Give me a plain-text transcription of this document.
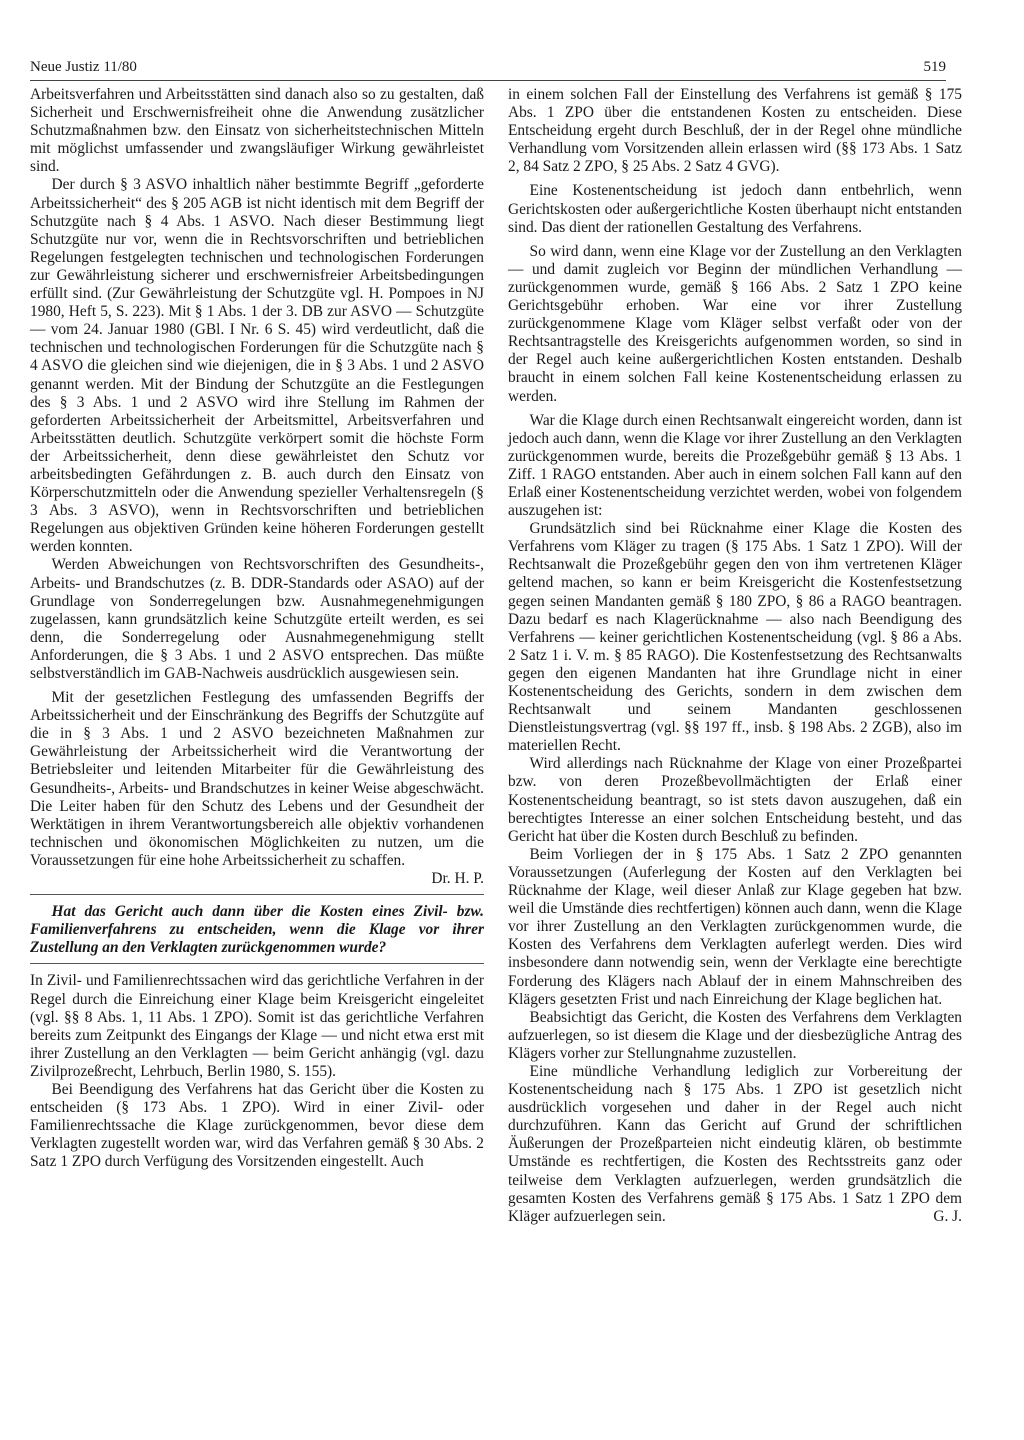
Neue Justiz 11/80	519

Arbeitsverfahren und Arbeitsstätten sind danach also so zu gestalten, daß Sicherheit und Erschwernisfreiheit ohne die Anwendung zusätzlicher Schutzmaßnahmen bzw. den Einsatz von sicherheitstechnischen Mitteln mit möglichst umfassender und zwangsläufiger Wirkung gewährleistet sind.

Der durch § 3 ASVO inhaltlich näher bestimmte Begriff „geforderte Arbeitssicherheit“ des § 205 AGB ist nicht identisch mit dem Begriff der Schutzgüte nach § 4 Abs. 1 ASVO. Nach dieser Bestimmung liegt Schutzgüte nur vor, wenn die in Rechtsvorschriften und betrieblichen Regelungen festgelegten technischen und technologischen Forderungen zur Gewährleistung sicherer und erschwernisfreier Arbeitsbedingungen erfüllt sind. (Zur Gewährleistung der Schutzgüte vgl. H. Pompoes in NJ 1980, Heft 5, S. 223). Mit § 1 Abs. 1 der 3. DB zur ASVO — Schutzgüte — vom 24. Januar 1980 (GBl. I Nr. 6 S. 45) wird verdeutlicht, daß die technischen und technologischen Forderungen für die Schutzgüte nach § 4 ASVO die gleichen sind wie diejenigen, die in § 3 Abs. 1 und 2 ASVO genannt werden. Mit der Bindung der Schutzgüte an die Festlegungen des § 3 Abs. 1 und 2 ASVO wird ihre Stellung im Rahmen der geforderten Arbeitssicherheit der Arbeitsmittel, Arbeitsverfahren und Arbeitsstätten deutlich. Schutzgüte verkörpert somit die höchste Form der Arbeitssicherheit, denn diese gewährleistet den Schutz vor arbeitsbedingten Gefährdungen z. B. auch durch den Einsatz von Körperschutzmitteln oder die Anwendung spezieller Verhaltensregeln (§ 3 Abs. 3 ASVO), wenn in Rechtsvorschriften und betrieblichen Regelungen aus objektiven Gründen keine höheren Forderungen gestellt werden konnten.

Werden Abweichungen von Rechtsvorschriften des Gesundheits-, Arbeits- und Brandschutzes (z. B. DDR-Standards oder ASAO) auf der Grundlage von Sonderregelungen bzw. Ausnahmegenehmigungen zugelassen, kann grundsätzlich keine Schutzgüte erteilt werden, es sei denn, die Sonderregelung oder Ausnahmegenehmigung stellt Anforderungen, die § 3 Abs. 1 und 2 ASVO entsprechen. Das müßte selbstverständlich im GAB-Nachweis ausdrücklich ausgewiesen sein.

Mit der gesetzlichen Festlegung des umfassenden Begriffs der Arbeitssicherheit und der Einschränkung des Begriffs der Schutzgüte auf die in § 3 Abs. 1 und 2 ASVO bezeichneten Maßnahmen zur Gewährleistung der Arbeitssicherheit wird die Verantwortung der Betriebsleiter und leitenden Mitarbeiter für die Gewährleistung des Gesundheits-, Arbeits- und Brandschutzes in keiner Weise abgeschwächt. Die Leiter haben für den Schutz des Lebens und der Gesundheit der Werktätigen in ihrem Verantwortungsbereich alle objektiv vorhandenen technischen und ökonomischen Möglichkeiten zu nutzen, um die Voraussetzungen für eine hohe Arbeitssicherheit zu schaffen.

Dr. H. P.

Hat das Gericht auch dann über die Kosten eines Zivil- bzw. Familienverfahrens zu entscheiden, wenn die Klage vor ihrer Zustellung an den Verklagten zurückgenommen wurde?

In Zivil- und Familienrechtssachen wird das gerichtliche Verfahren in der Regel durch die Einreichung einer Klage beim Kreisgericht eingeleitet (vgl. §§ 8 Abs. 1, 11 Abs. 1 ZPO). Somit ist das gerichtliche Verfahren bereits zum Zeitpunkt des Eingangs der Klage — und nicht etwa erst mit ihrer Zustellung an den Verklagten — beim Gericht anhängig (vgl. dazu Zivilprozeßrecht, Lehrbuch, Berlin 1980, S. 155).

Bei Beendigung des Verfahrens hat das Gericht über die Kosten zu entscheiden (§ 173 Abs. 1 ZPO). Wird in einer Zivil- oder Familienrechtssache die Klage zurückgenommen, bevor diese dem Verklagten zugestellt worden war, wird das Verfahren gemäß § 30 Abs. 2 Satz 1 ZPO durch Verfügung des Vorsitzenden eingestellt. Auch

in einem solchen Fall der Einstellung des Verfahrens ist gemäß § 175 Abs. 1 ZPO über die entstandenen Kosten zu entscheiden. Diese Entscheidung ergeht durch Beschluß, der in der Regel ohne mündliche Verhandlung vom Vorsitzenden allein erlassen wird (§§ 173 Abs. 1 Satz 2, 84 Satz 2 ZPO, § 25 Abs. 2 Satz 4 GVG).

Eine Kostenentscheidung ist jedoch dann entbehrlich, wenn Gerichtskosten oder außergerichtliche Kosten überhaupt nicht entstanden sind. Das dient der rationellen Gestaltung des Verfahrens.

So wird dann, wenn eine Klage vor der Zustellung an den Verklagten — und damit zugleich vor Beginn der mündlichen Verhandlung — zurückgenommen wurde, gemäß § 166 Abs. 2 Satz 1 ZPO keine Gerichtsgebühr erhoben. War eine vor ihrer Zustellung zurückgenommene Klage vom Kläger selbst verfaßt oder von der Rechtsantragstelle des Kreisgerichts aufgenommen worden, so sind in der Regel auch keine außergerichtlichen Kosten entstanden. Deshalb braucht in einem solchen Fall keine Kostenentscheidung erlassen zu werden.

War die Klage durch einen Rechtsanwalt eingereicht worden, dann ist jedoch auch dann, wenn die Klage vor ihrer Zustellung an den Verklagten zurückgenommen wurde, bereits die Prozeßgebühr gemäß § 13 Abs. 1 Ziff. 1 RAGO entstanden. Aber auch in einem solchen Fall kann auf den Erlaß einer Kostenentscheidung verzichtet werden, wobei von folgendem auszugehen ist:

Grundsätzlich sind bei Rücknahme einer Klage die Kosten des Verfahrens vom Kläger zu tragen (§ 175 Abs. 1 Satz 1 ZPO). Will der Rechtsanwalt die Prozeßgebühr gegen den von ihm vertretenen Kläger geltend machen, so kann er beim Kreisgericht die Kostenfestsetzung gegen seinen Mandanten gemäß § 180 ZPO, § 86 a RAGO beantragen. Dazu bedarf es nach Klagerücknahme — also nach Beendigung des Verfahrens — keiner gerichtlichen Kostenentscheidung (vgl. § 86 a Abs. 2 Satz 1 i. V. m. § 85 RAGO). Die Kostenfestsetzung des Rechtsanwalts gegen den eigenen Mandanten hat ihre Grundlage nicht in einer Kostenentscheidung des Gerichts, sondern in dem zwischen dem Rechtsanwalt und seinem Mandanten geschlossenen Dienstleistungsvertrag (vgl. §§ 197 ff., insb. § 198 Abs. 2 ZGB), also im materiellen Recht.

Wird allerdings nach Rücknahme der Klage von einer Prozeßpartei bzw. von deren Prozeßbevollmächtigten der Erlaß einer Kostenentscheidung beantragt, so ist stets davon auszugehen, daß ein berechtigtes Interesse an einer solchen Entscheidung besteht, und das Gericht hat über die Kosten durch Beschluß zu befinden.

Beim Vorliegen der in § 175 Abs. 1 Satz 2 ZPO genannten Voraussetzungen (Auferlegung der Kosten auf den Verklagten bei Rücknahme der Klage, weil dieser Anlaß zur Klage gegeben hat bzw. weil die Umstände dies rechtfertigen) können auch dann, wenn die Klage vor ihrer Zustellung an den Verklagten zurückgenommen wurde, die Kosten des Verfahrens dem Verklagten auferlegt werden. Dies wird insbesondere dann notwendig sein, wenn der Verklagte eine berechtigte Forderung des Klägers nach Ablauf der in einem Mahnschreiben des Klägers gesetzten Frist und nach Einreichung der Klage beglichen hat.

Beabsichtigt das Gericht, die Kosten des Verfahrens dem Verklagten aufzuerlegen, so ist diesem die Klage und der diesbezügliche Antrag des Klägers vorher zur Stellungnahme zuzustellen.

Eine mündliche Verhandlung lediglich zur Vorbereitung der Kostenentscheidung nach § 175 Abs. 1 ZPO ist gesetzlich nicht ausdrücklich vorgesehen und daher in der Regel auch nicht durchzuführen. Kann das Gericht auf Grund der schriftlichen Äußerungen der Prozeßparteien nicht eindeutig klären, ob bestimmte Umstände es rechtfertigen, die Kosten des Rechtsstreits ganz oder teilweise dem Verklagten aufzuerlegen, werden grundsätzlich die gesamten Kosten des Verfahrens gemäß § 175 Abs. 1 Satz 1 ZPO dem Kläger aufzuerlegen sein.	G. J.
